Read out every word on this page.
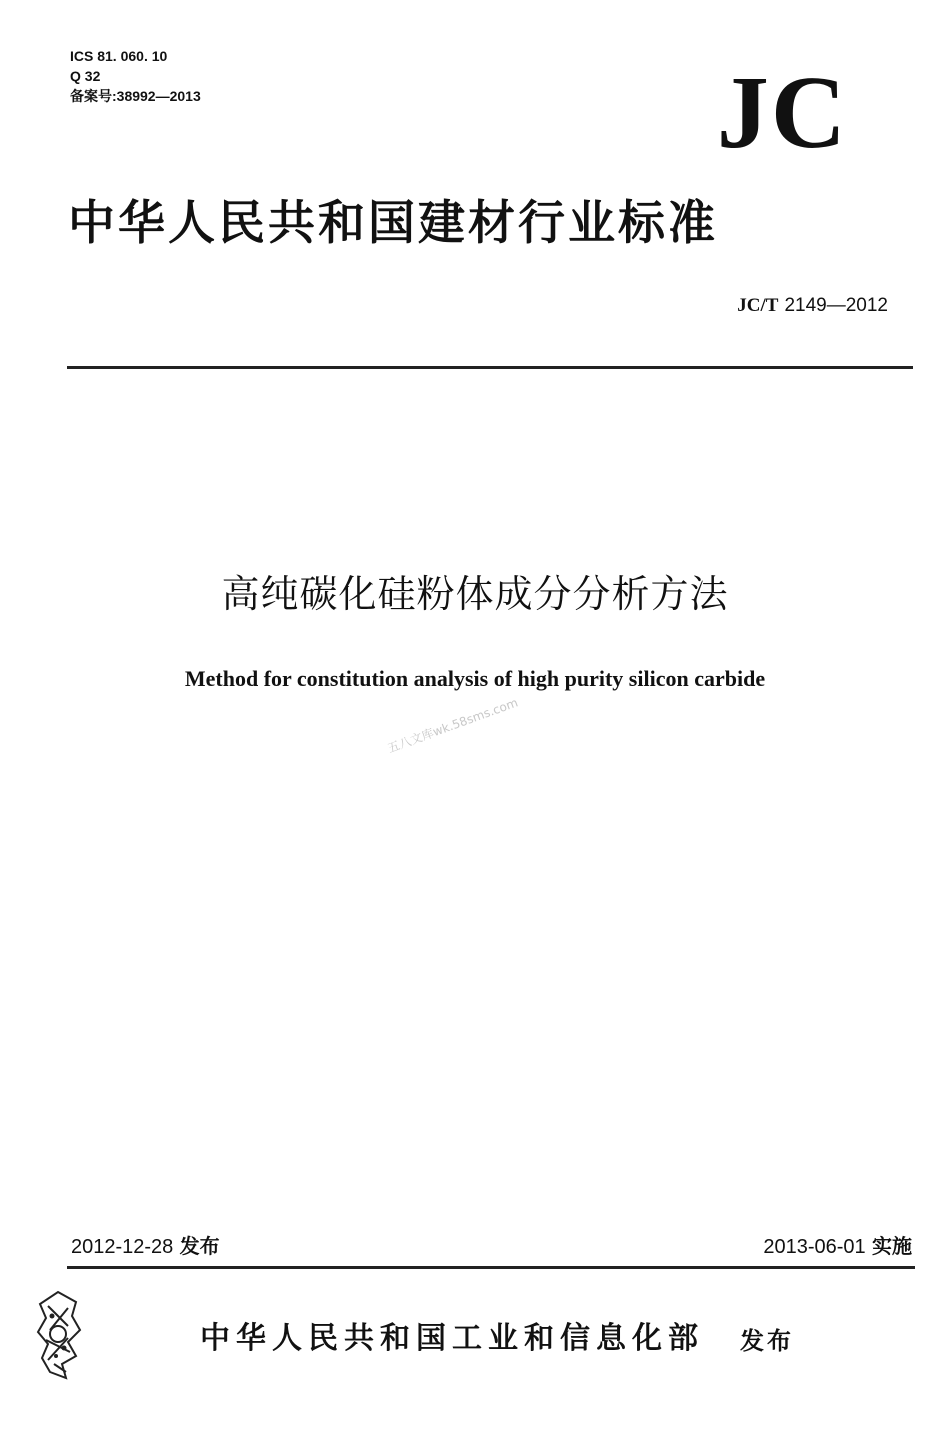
ICS 81. 060. 10
Q 32
备案号:38992—2013	JC
中华人民共和国建材行业标准
JC/T 2149—2012
高纯碳化硅粉体成分分析方法
Method for constitution analysis of high purity silicon carbide
五八文库wk.58sms.com
2012-12-28 发布	2013-06-01 实施
中华人民共和国工业和信息化部 发布
